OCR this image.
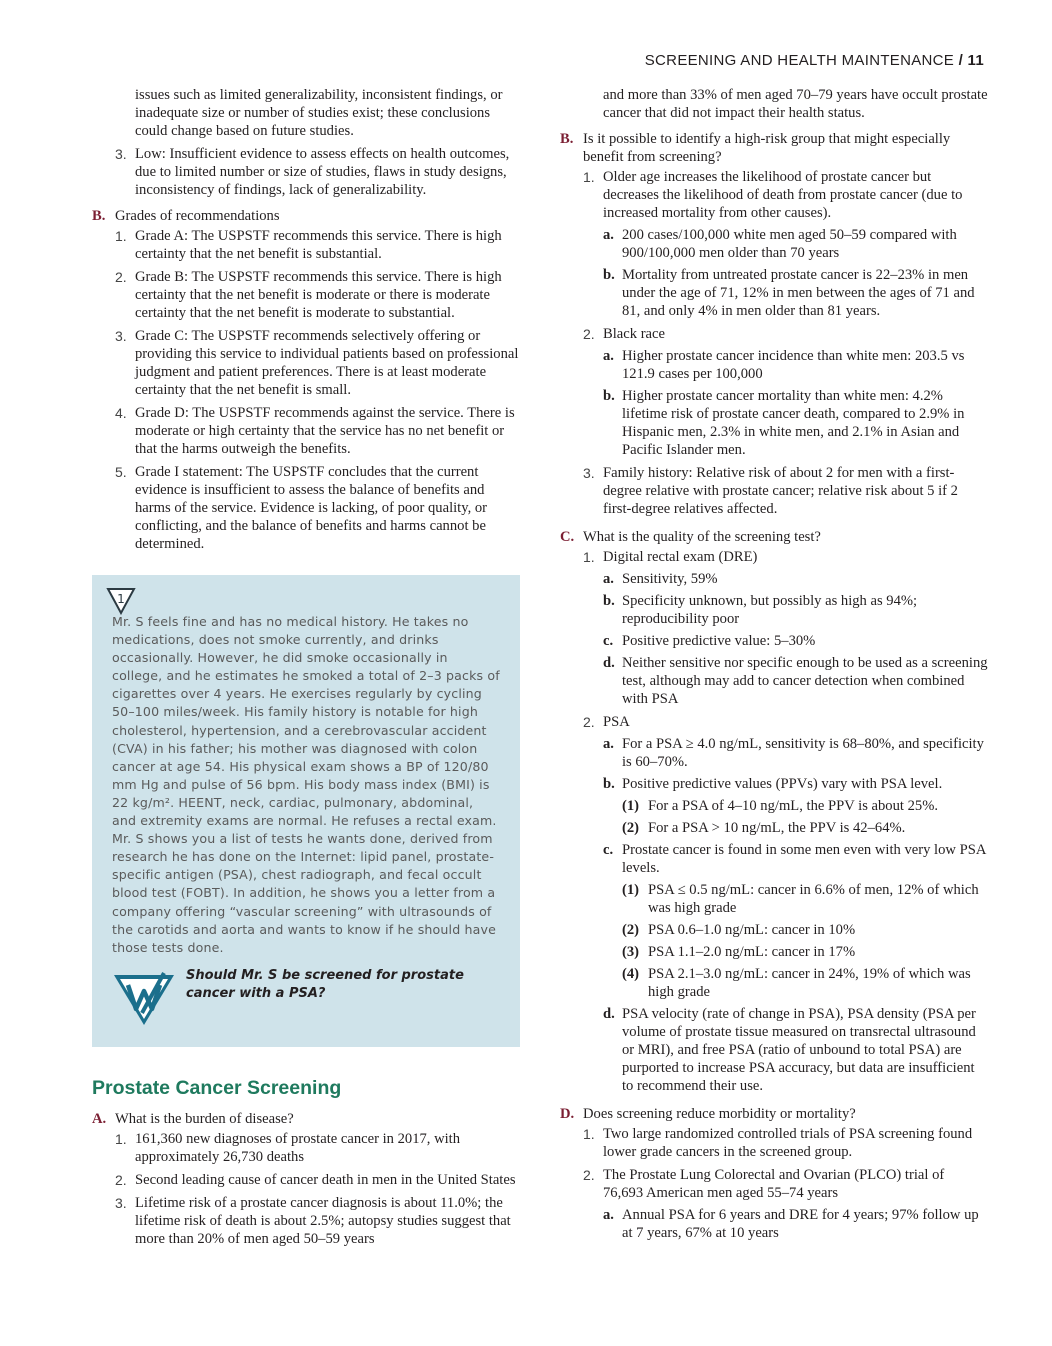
SCREENING AND HEALTH MAINTENANCE / 11
issues such as limited generalizability, inconsistent findings, or inadequate size or number of studies exist; these conclusions could change based on future studies.
3. Low: Insufficient evidence to assess effects on health outcomes, due to limited number or size of studies, flaws in study designs, inconsistency of findings, lack of generalizability.
B. Grades of recommendations
1. Grade A: The USPSTF recommends this service. There is high certainty that the net benefit is substantial.
2. Grade B: The USPSTF recommends this service. There is high certainty that the net benefit is moderate or there is moderate certainty that the net benefit is moderate to substantial.
3. Grade C: The USPSTF recommends selectively offering or providing this service to individual patients based on professional judgment and patient preferences. There is at least moderate certainty that the net benefit is small.
4. Grade D: The USPSTF recommends against the service. There is moderate or high certainty that the service has no net benefit or that the harms outweigh the benefits.
5. Grade I statement: The USPSTF concludes that the current evidence is insufficient to assess the balance of benefits and harms of the service. Evidence is lacking, of poor quality, or conflicting, and the balance of benefits and harms cannot be determined.
1
Mr. S feels fine and has no medical history. He takes no medications, does not smoke currently, and drinks occasionally. However, he did smoke occasionally in college, and he estimates he smoked a total of 2–3 packs of cigarettes over 4 years. He exercises regularly by cycling 50–100 miles/week. His family history is notable for high cholesterol, hypertension, and a cerebrovascular accident (CVA) in his father; his mother was diagnosed with colon cancer at age 54. His physical exam shows a BP of 120/80 mm Hg and pulse of 56 bpm. His body mass index (BMI) is 22 kg/m². HEENT, neck, cardiac, pulmonary, abdominal, and extremity exams are normal. He refuses a rectal exam. Mr. S shows you a list of tests he wants done, derived from research he has done on the Internet: lipid panel, prostate-specific antigen (PSA), chest radiograph, and fecal occult blood test (FOBT). In addition, he shows you a letter from a company offering “vascular screening” with ultrasounds of the carotids and aorta and wants to know if he should have those tests done.
Should Mr. S be screened for prostate cancer with a PSA?
Prostate Cancer Screening
A. What is the burden of disease?
1. 161,360 new diagnoses of prostate cancer in 2017, with approximately 26,730 deaths
2. Second leading cause of cancer death in men in the United States
3. Lifetime risk of a prostate cancer diagnosis is about 11.0%; the lifetime risk of death is about 2.5%; autopsy studies suggest that more than 20% of men aged 50–59 years
and more than 33% of men aged 70–79 years have occult prostate cancer that did not impact their health status.
B. Is it possible to identify a high-risk group that might especially benefit from screening?
1. Older age increases the likelihood of prostate cancer but decreases the likelihood of death from prostate cancer (due to increased mortality from other causes).
a. 200 cases/100,000 white men aged 50–59 compared with 900/100,000 men older than 70 years
b. Mortality from untreated prostate cancer is 22–23% in men under the age of 71, 12% in men between the ages of 71 and 81, and only 4% in men older than 81 years.
2. Black race
a. Higher prostate cancer incidence than white men: 203.5 vs 121.9 cases per 100,000
b. Higher prostate cancer mortality than white men: 4.2% lifetime risk of prostate cancer death, compared to 2.9% in Hispanic men, 2.3% in white men, and 2.1% in Asian and Pacific Islander men.
3. Family history: Relative risk of about 2 for men with a first-degree relative with prostate cancer; relative risk about 5 if 2 first-degree relatives affected.
C. What is the quality of the screening test?
1. Digital rectal exam (DRE)
a. Sensitivity, 59%
b. Specificity unknown, but possibly as high as 94%; reproducibility poor
c. Positive predictive value: 5–30%
d. Neither sensitive nor specific enough to be used as a screening test, although may add to cancer detection when combined with PSA
2. PSA
a. For a PSA ≥ 4.0 ng/mL, sensitivity is 68–80%, and specificity is 60–70%.
b. Positive predictive values (PPVs) vary with PSA level.
(1) For a PSA of 4–10 ng/mL, the PPV is about 25%.
(2) For a PSA > 10 ng/mL, the PPV is 42–64%.
c. Prostate cancer is found in some men even with very low PSA levels.
(1) PSA ≤ 0.5 ng/mL: cancer in 6.6% of men, 12% of which was high grade
(2) PSA 0.6–1.0 ng/mL: cancer in 10%
(3) PSA 1.1–2.0 ng/mL: cancer in 17%
(4) PSA 2.1–3.0 ng/mL: cancer in 24%, 19% of which was high grade
d. PSA velocity (rate of change in PSA), PSA density (PSA per volume of prostate tissue measured on transrectal ultrasound or MRI), and free PSA (ratio of unbound to total PSA) are purported to increase PSA accuracy, but data are insufficient to recommend their use.
D. Does screening reduce morbidity or mortality?
1. Two large randomized controlled trials of PSA screening found lower grade cancers in the screened group.
2. The Prostate Lung Colorectal and Ovarian (PLCO) trial of 76,693 American men aged 55–74 years
a. Annual PSA for 6 years and DRE for 4 years; 97% follow up at 7 years, 67% at 10 years
